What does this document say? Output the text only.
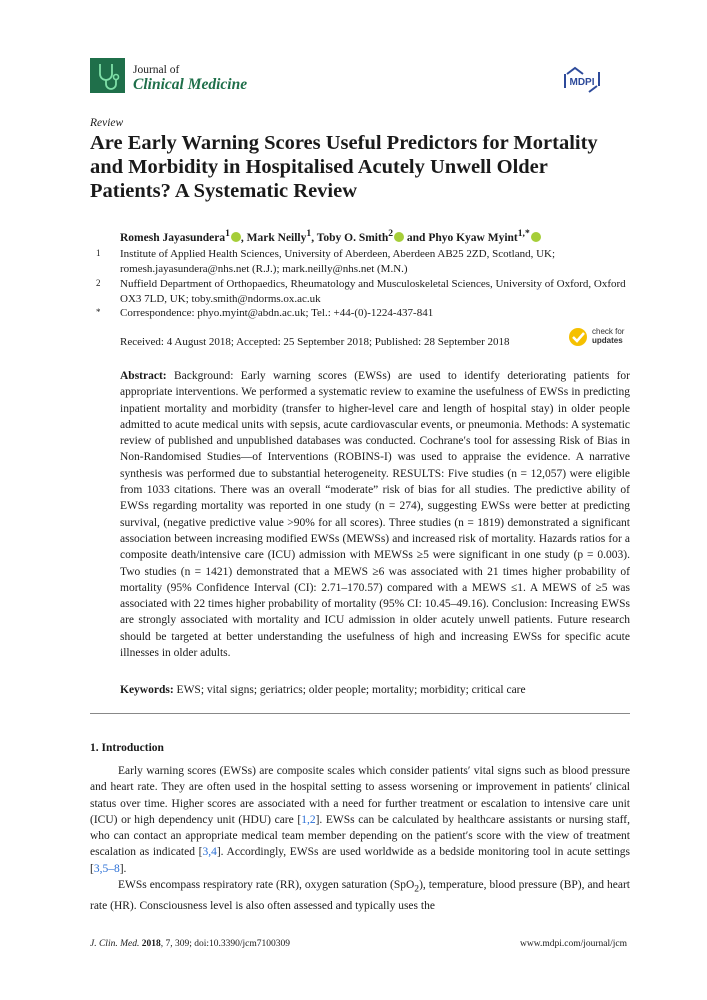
Journal of
Clinical Medicine	MDPI
Review
Are Early Warning Scores Useful Predictors for Mortality and Morbidity in Hospitalised Acutely Unwell Older Patients? A Systematic Review
Romesh Jayasundera$^1$ , Mark Neilly$^1$, Toby O. Smith$^2$ and Phyo Kyaw Myint$^{1,*}$
1 Institute of Applied Health Sciences, University of Aberdeen, Aberdeen AB25 2ZD, Scotland, UK; romesh.jayasundera@nhs.net (R.J.); mark.neilly@nhs.net (M.N.)
2 Nuffield Department of Orthopaedics, Rheumatology and Musculoskeletal Sciences, University of Oxford, Oxford OX3 7LD, UK; toby.smith@ndorms.ox.ac.uk
* Correspondence: phyo.myint@abdn.ac.uk; Tel.: +44-(0)-1224-437-841
Received: 4 August 2018; Accepted: 25 September 2018; Published: 28 September 2018
check for
updates
Abstract: Background: Early warning scores (EWSs) are used to identify deteriorating patients for appropriate interventions. We performed a systematic review to examine the usefulness of EWSs in predicting inpatient mortality and morbidity (transfer to higher-level care and length of hospital stay) in older people admitted to acute medical units with sepsis, acute cardiovascular events, or pneumonia. Methods: A systematic review of published and unpublished databases was conducted. Cochrane′s tool for assessing Risk of Bias in Non-Randomised Studies—of Interventions (ROBINS-I) was used to appraise the evidence. A narrative synthesis was performed due to substantial heterogeneity. RESULTS: Five studies (n = 12,057) were eligible from 1033 citations. There was an overall “moderate” risk of bias for all studies. The predictive ability of EWSs regarding mortality was reported in one study (n = 274), suggesting EWSs were better at predicting survival, (negative predictive value >90% for all scores). Three studies (n = 1819) demonstrated a significant association between increasing modified EWSs (MEWSs) and increased risk of mortality. Hazards ratios for a composite death/intensive care (ICU) admission with MEWSs ≥5 were significant in one study (p = 0.003). Two studies (n = 1421) demonstrated that a MEWS ≥6 was associated with 21 times higher probability of mortality (95% Confidence Interval (CI): 2.71–170.57) compared with a MEWS ≤1. A MEWS of ≥5 was associated with 22 times higher probability of mortality (95% CI: 10.45–49.16). Conclusion: Increasing EWSs are strongly associated with mortality and ICU admission in older acutely unwell patients. Future research should be targeted at better understanding the usefulness of high and increasing EWSs for specific acute illnesses in older adults.
Keywords: EWS; vital signs; geriatrics; older people; mortality; morbidity; critical care
1. Introduction

Early warning scores (EWSs) are composite scales which consider patients′ vital signs such as blood pressure and heart rate. They are often used in the hospital setting to assess worsening or improvement in patients′ clinical status over time. Higher scores are associated with a need for further treatment or escalation to intensive care unit (ICU) or high dependency unit (HDU) care [1,2]. EWSs can be calculated by healthcare assistants or nursing staff, who can contact an appropriate medical team member depending on the patient′s score with the view of treatment escalation as indicated [3,4]. Accordingly, EWSs are used worldwide as a bedside monitoring tool in acute settings [3,5–8].

EWSs encompass respiratory rate (RR), oxygen saturation (SpO$_2$), temperature, blood pressure (BP), and heart rate (HR). Consciousness level is also often assessed and typically uses the

J. Clin. Med. 2018, 7, 309; doi:10.3390/jcm7100309	www.mdpi.com/journal/jcm
